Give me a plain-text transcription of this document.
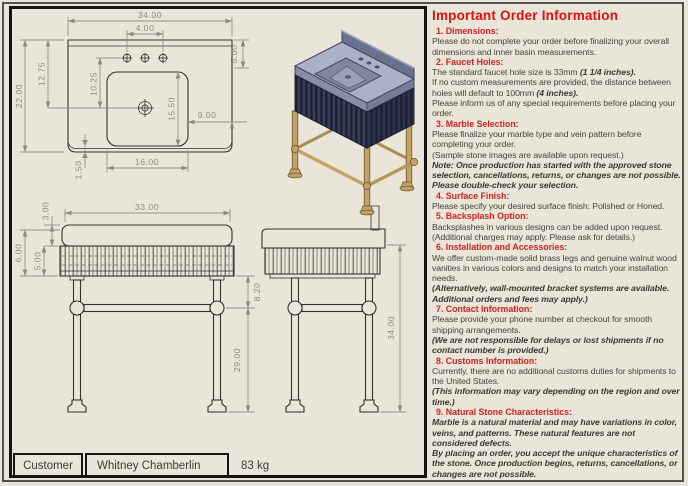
34.00
4.00
22.00
12.75	10.25
15.50 9.00
1.50	16.00
5.00
33.00
3.00
6.00 5.00
8.20
29.00
34.00
Customer	Whitney Chamberlin	83 kg
Important Order Information
1. Dimensions:
Please do not complete your order before finalizing your overall dimensions and inner basin measurements.
2. Faucet Holes:
The standard faucet hole size is 33mm (1 1/4 inches).
If no custom measurements are provided, the distance between holes will default to 100mm (4 inches).
Please inform us of any special requirements before placing your order.
3. Marble Selection:
Please finalize your marble type and vein pattern before completing your order.
(Sample stone images are available upon request.)
Note: Once production has started with the approved stone selection, cancellations, returns, or changes are not possible. Please double-check your selection.
4. Surface Finish:
Please specify your desired surface finish: Polished or Honed.
5. Backsplash Option:
Backsplashes in various designs can be added upon request.
(Additional charges may apply. Please ask for details.)
6. Installation and Accessories:
We offer custom-made solid brass legs and genuine walnut wood vanities in various colors and designs to match your installation needs.
(Alternatively, wall-mounted bracket systems are available. Additional orders and fees may apply.)
7. Contact Information:
Please provide your phone number at checkout for smooth shipping arrangements.
(We are not responsible for delays or lost shipments if no contact number is provided.)
8. Customs Information:
Currently, there are no additional customs duties for shipments to the United States.
(This information may vary depending on the region and over time.)
9. Natural Stone Characteristics:
Marble is a natural material and may have variations in color, veins, and patterns. These natural features are not considered defects.
By placing an order, you accept the unique characteristics of the stone. Once production begins, returns, cancellations, or changes are not possible.
